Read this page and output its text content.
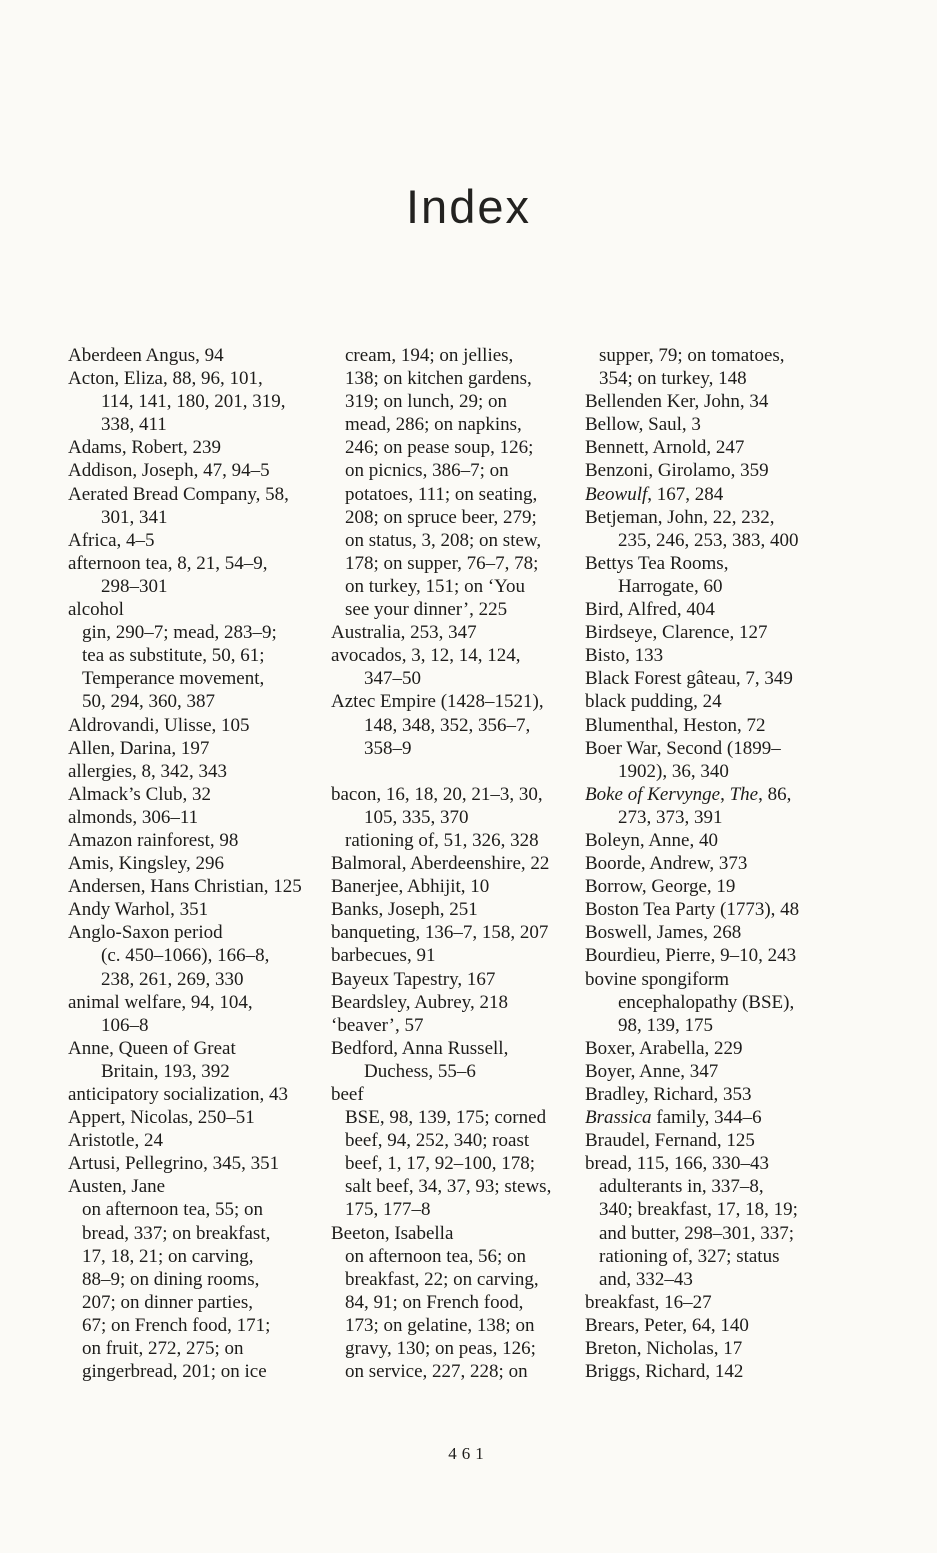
Index

Aberdeen Angus, 94

Acton, Eliza, 88, 96, 101,

114, 141, 180, 201, 319,

338, 411

Adams, Robert, 239

Addison, Joseph, 47, 94–5

Aerated Bread Company, 58,

301, 341

Africa, 4–5

afternoon tea, 8, 21, 54–9,

298–301

alcohol

gin, 290–7; mead, 283–9;

tea as substitute, 50, 61;

Temperance movement,

50, 294, 360, 387

Aldrovandi, Ulisse, 105

Allen, Darina, 197

allergies, 8, 342, 343

Almack’s Club, 32

almonds, 306–11

Amazon rainforest, 98

Amis, Kingsley, 296

Andersen, Hans Christian, 125

Andy Warhol, 351

Anglo-Saxon period

(c. 450–1066), 166–8,

238, 261, 269, 330

animal welfare, 94, 104,

106–8

Anne, Queen of Great

Britain, 193, 392

anticipatory socialization, 43

Appert, Nicolas, 250–51

Aristotle, 24

Artusi, Pellegrino, 345, 351

Austen, Jane

on afternoon tea, 55; on

bread, 337; on breakfast,

17, 18, 21; on carving,

88–9; on dining rooms,

207; on dinner parties,

67; on French food, 171;

on fruit, 272, 275; on

gingerbread, 201; on ice

cream, 194; on jellies,

138; on kitchen gardens,

319; on lunch, 29; on

mead, 286; on napkins,

246; on pease soup, 126;

on picnics, 386–7; on

potatoes, 111; on seating,

208; on spruce beer, 279;

on status, 3, 208; on stew,

178; on supper, 76–7, 78;

on turkey, 151; on ‘You

see your dinner’, 225

Australia, 253, 347

avocados, 3, 12, 14, 124,

347–50

Aztec Empire (1428–1521),

148, 348, 352, 356–7,

358–9

bacon, 16, 18, 20, 21–3, 30,

105, 335, 370

rationing of, 51, 326, 328

Balmoral, Aberdeenshire, 22

Banerjee, Abhijit, 10

Banks, Joseph, 251

banqueting, 136–7, 158, 207

barbecues, 91

Bayeux Tapestry, 167

Beardsley, Aubrey, 218

‘beaver’, 57

Bedford, Anna Russell,

Duchess, 55–6

beef

BSE, 98, 139, 175; corned

beef, 94, 252, 340; roast

beef, 1, 17, 92–100, 178;

salt beef, 34, 37, 93; stews,

175, 177–8

Beeton, Isabella

on afternoon tea, 56; on

breakfast, 22; on carving,

84, 91; on French food,

173; on gelatine, 138; on

gravy, 130; on peas, 126;

on service, 227, 228; on

supper, 79; on tomatoes,

354; on turkey, 148

Bellenden Ker, John, 34

Bellow, Saul, 3

Bennett, Arnold, 247

Benzoni, Girolamo, 359

Beowulf, 167, 284

Betjeman, John, 22, 232,

235, 246, 253, 383, 400

Bettys Tea Rooms,

Harrogate, 60

Bird, Alfred, 404

Birdseye, Clarence, 127

Bisto, 133

Black Forest gâteau, 7, 349

black pudding, 24

Blumenthal, Heston, 72

Boer War, Second (1899–

1902), 36, 340

Boke of Kervynge, The, 86,

273, 373, 391

Boleyn, Anne, 40

Boorde, Andrew, 373

Borrow, George, 19

Boston Tea Party (1773), 48

Boswell, James, 268

Bourdieu, Pierre, 9–10, 243

bovine spongiform

encephalopathy (BSE),

98, 139, 175

Boxer, Arabella, 229

Boyer, Anne, 347

Bradley, Richard, 353

Brassica family, 344–6

Braudel, Fernand, 125

bread, 115, 166, 330–43

adulterants in, 337–8,

340; breakfast, 17, 18, 19;

and butter, 298–301, 337;

rationing of, 327; status

and, 332–43

breakfast, 16–27

Brears, Peter, 64, 140

Breton, Nicholas, 17

Briggs, Richard, 142

461
